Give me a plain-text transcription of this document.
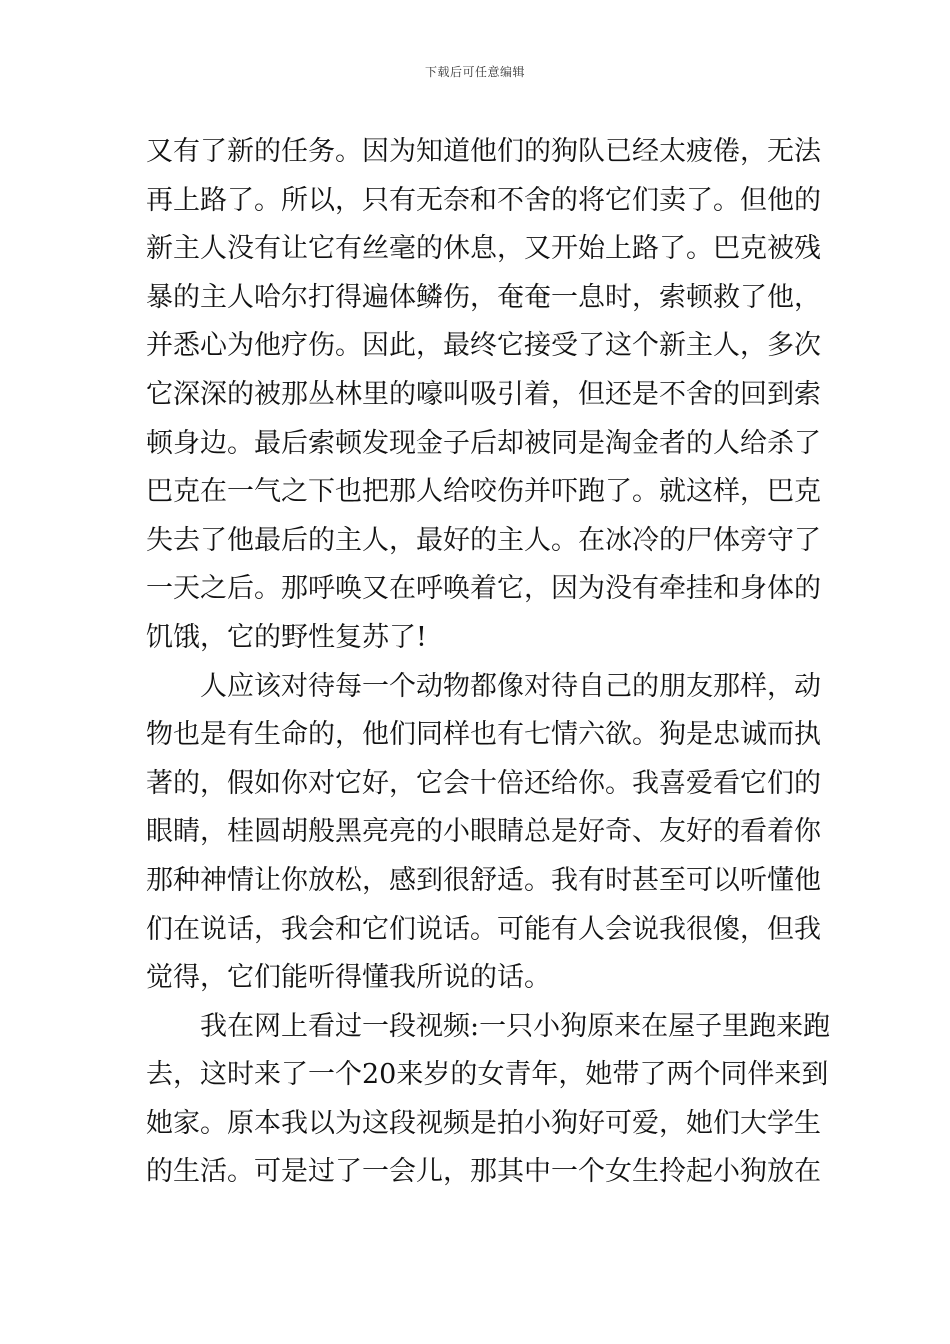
下载后可任意编辑
又有了新的任务。因为知道他们的狗队已经太疲倦，无法
再上路了。所以，只有无奈和不舍的将它们卖了。但他的
新主人没有让它有丝毫的休息，又开始上路了。巴克被残
暴的主人哈尔打得遍体鳞伤，奄奄一息时，索顿救了他，
并悉心为他疗伤。因此，最终它接受了这个新主人，多次
它深深的被那丛林里的嚎叫吸引着，但还是不舍的回到索
顿身边。最后索顿发现金子后却被同是淘金者的人给杀了
巴克在一气之下也把那人给咬伤并吓跑了。就这样，巴克
失去了他最后的主人，最好的主人。在冰冷的尸体旁守了
一天之后。那呼唤又在呼唤着它，因为没有牵挂和身体的
饥饿，它的野性复苏了!
人应该对待每一个动物都像对待自己的朋友那样，动
物也是有生命的，他们同样也有七情六欲。狗是忠诚而执
著的，假如你对它好，它会十倍还给你。我喜爱看它们的
眼睛，桂圆胡般黑亮亮的小眼睛总是好奇、友好的看着你
那种神情让你放松，感到很舒适。我有时甚至可以听懂他
们在说话，我会和它们说话。可能有人会说我很傻，但我
觉得，它们能听得懂我所说的话。
我在网上看过一段视频:一只小狗原来在屋子里跑来跑
去，这时来了一个20来岁的女青年，她带了两个同伴来到
她家。原本我以为这段视频是拍小狗好可爱，她们大学生
的生活。可是过了一会儿，那其中一个女生拎起小狗放在
